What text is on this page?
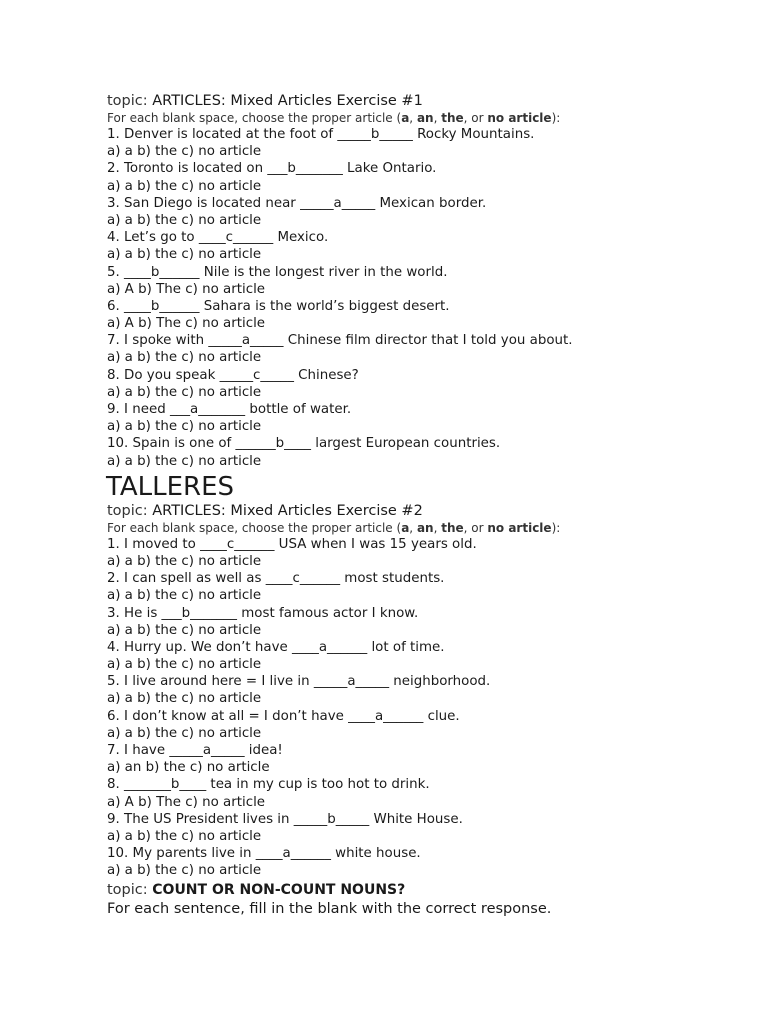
topic: ARTICLES: Mixed Articles Exercise #1
For each blank space, choose the proper article (a, an, the, or no article):
1. Denver is located at the foot of _____b_____ Rocky Mountains.
a) a b) the c) no article
2. Toronto is located on ___b_______ Lake Ontario.
a) a b) the c) no article
3. San Diego is located near _____a_____ Mexican border.
a) a b) the c) no article
4. Let’s go to ____c______ Mexico.
a) a b) the c) no article
5. ____b______ Nile is the longest river in the world.
a) A b) The c) no article
6. ____b______ Sahara is the world’s biggest desert.
a) A b) The c) no article
7. I spoke with _____a_____ Chinese film director that I told you about.
a) a b) the c) no article
8. Do you speak _____c_____ Chinese?
a) a b) the c) no article
9. I need ___a_______ bottle of water.
a) a b) the c) no article
10. Spain is one of ______b____ largest European countries.
a) a b) the c) no article
TALLERES
topic: ARTICLES: Mixed Articles Exercise #2
For each blank space, choose the proper article (a, an, the, or no article):
1. I moved to ____c______ USA when I was 15 years old.
a) a b) the c) no article
2. I can spell as well as ____c______ most students.
a) a b) the c) no article
3. He is ___b_______ most famous actor I know.
a) a b) the c) no article
4. Hurry up. We don’t have ____a______ lot of time.
a) a b) the c) no article
5. I live around here = I live in _____a_____ neighborhood.
a) a b) the c) no article
6. I don’t know at all = I don’t have ____a______ clue.
a) a b) the c) no article
7. I have _____a_____ idea!
a) an b) the c) no article
8. _______b____ tea in my cup is too hot to drink.
a) A b) The c) no article
9. The US President lives in _____b_____ White House.
a) a b) the c) no article
10. My parents live in ____a______ white house.
a) a b) the c) no article
topic: COUNT OR NON-COUNT NOUNS?
For each sentence, fill in the blank with the correct response.
